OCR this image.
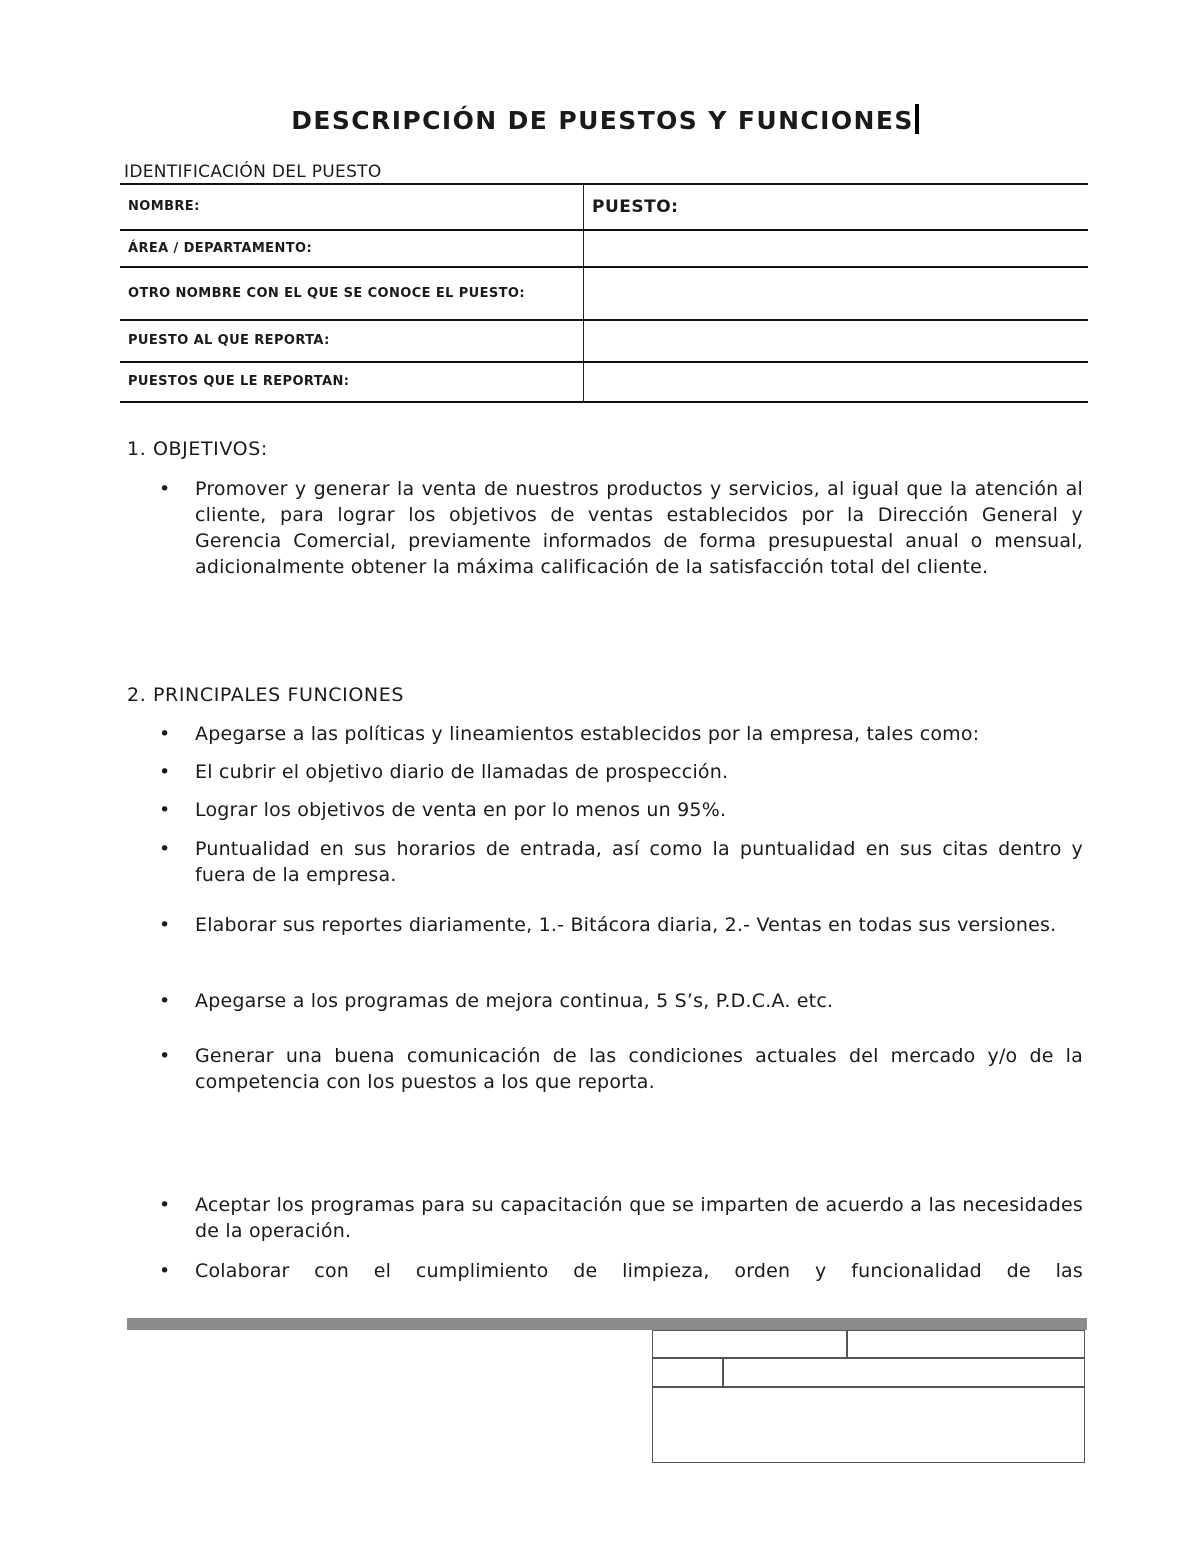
DESCRIPCIÓN DE PUESTOS Y FUNCIONES
IDENTIFICACIÓN DEL PUESTO
NOMBRE:	PUESTO:
ÁREA / DEPARTAMENTO:	
OTRO NOMBRE CON EL QUE SE CONOCE EL PUESTO:	
PUESTO AL QUE REPORTA:	
PUESTOS QUE LE REPORTAN:	
1. OBJETIVOS:
• Promover y generar la venta de nuestros productos y servicios, al igual que la atención al cliente, para lograr los objetivos de ventas establecidos por la Dirección General y Gerencia Comercial, previamente informados de forma presupuestal anual o mensual, adicionalmente obtener la máxima calificación de la satisfacción total del cliente.
2. PRINCIPALES FUNCIONES
• Apegarse a las políticas y lineamientos establecidos por la empresa, tales como:
• El cubrir el objetivo diario de llamadas de prospección.
• Lograr los objetivos de venta en por lo menos un 95%.
• Puntualidad en sus horarios de entrada, así como la puntualidad en sus citas dentro y fuera de la empresa.
• Elaborar sus reportes diariamente, 1.- Bitácora diaria, 2.- Ventas en todas sus versiones.
• Apegarse a los programas de mejora continua, 5 S’s, P.D.C.A. etc.
• Generar una buena comunicación de las condiciones actuales del mercado y/o de la competencia con los puestos a los que reporta.
• Aceptar los programas para su capacitación que se imparten de acuerdo a las necesidades de la operación.
• Colaborar con el cumplimiento de limpieza, orden y funcionalidad de las
